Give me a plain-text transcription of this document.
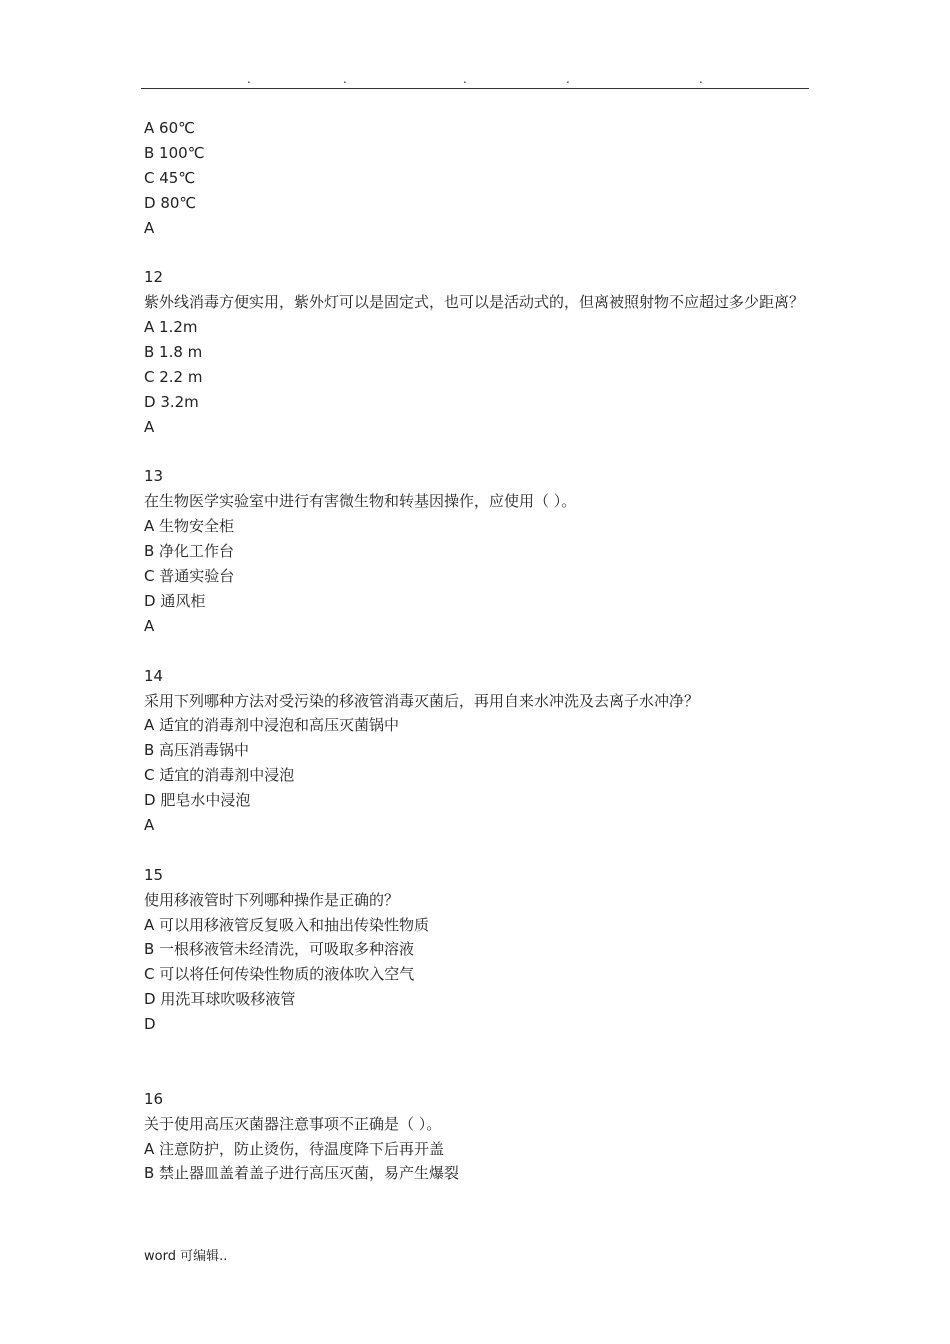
.	.	.	.	.
A 60℃
B 100℃
C 45℃
D 80℃
A
12
紫外线消毒方便实用，紫外灯可以是固定式，也可以是活动式的，但离被照射物不应超过多少距离？
A 1.2m
B 1.8 m
C 2.2 m
D 3.2m
A
13
在生物医学实验室中进行有害微生物和转基因操作，应使用（ ）。
A 生物安全柜
B 净化工作台
C 普通实验台
D 通风柜
A
14
采用下列哪种方法对受污染的移液管消毒灭菌后，再用自来水冲洗及去离子水冲净？
A 适宜的消毒剂中浸泡和高压灭菌锅中
B 高压消毒锅中
C 适宜的消毒剂中浸泡
D 肥皂水中浸泡
A
15
使用移液管时下列哪种操作是正确的？
A 可以用移液管反复吸入和抽出传染性物质
B 一根移液管未经清洗，可吸取多种溶液
C 可以将任何传染性物质的液体吹入空气
D 用洗耳球吹吸移液管
D
16
关于使用高压灭菌器注意事项不正确是（ ）。
A 注意防护，防止烫伤，待温度降下后再开盖
B 禁止器皿盖着盖子进行高压灭菌，易产生爆裂
word 可编辑..
